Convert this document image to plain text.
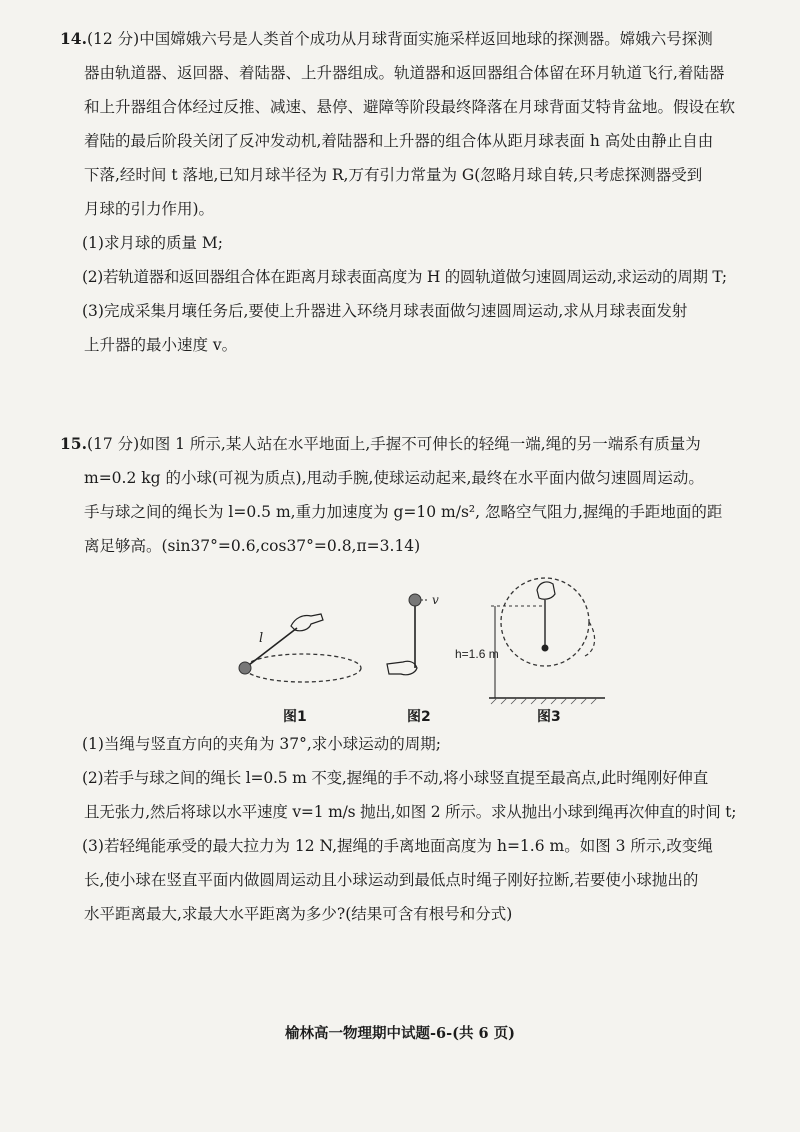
14.(12 分)中国嫦娥六号是人类首个成功从月球背面实施采样返回地球的探测器。嫦娥六号探测

器由轨道器、返回器、着陆器、上升器组成。轨道器和返回器组合体留在环月轨道飞行,着陆器

和上升器组合体经过反推、减速、悬停、避障等阶段最终降落在月球背面艾特肯盆地。假设在软

着陆的最后阶段关闭了反冲发动机,着陆器和上升器的组合体从距月球表面 h 高处由静止自由

下落,经时间 t 落地,已知月球半径为 R,万有引力常量为 G(忽略月球自转,只考虑探测器受到

月球的引力作用)。

(1)求月球的质量 M;

(2)若轨道器和返回器组合体在距离月球表面高度为 H 的圆轨道做匀速圆周运动,求运动的周期 T;

(3)完成采集月壤任务后,要使上升器进入环绕月球表面做匀速圆周运动,求从月球表面发射

上升器的最小速度 v。

15.(17 分)如图 1 所示,某人站在水平地面上,手握不可伸长的轻绳一端,绳的另一端系有质量为

m=0.2 kg 的小球(可视为质点),甩动手腕,使球运动起来,最终在水平面内做匀速圆周运动。

手与球之间的绳长为 l=0.5 m,重力加速度为 g=10 m/s², 忽略空气阻力,握绳的手距地面的距

离足够高。(sin37°=0.6,cos37°=0.8,π=3.14)

l
v
h=1.6 m
图1	图2	图3

(1)当绳与竖直方向的夹角为 37°,求小球运动的周期;

(2)若手与球之间的绳长 l=0.5 m 不变,握绳的手不动,将小球竖直提至最高点,此时绳刚好伸直

且无张力,然后将球以水平速度 v=1 m/s 抛出,如图 2 所示。求从抛出小球到绳再次伸直的时间 t;

(3)若轻绳能承受的最大拉力为 12 N,握绳的手离地面高度为 h=1.6 m。如图 3 所示,改变绳

长,使小球在竖直平面内做圆周运动且小球运动到最低点时绳子刚好拉断,若要使小球抛出的

水平距离最大,求最大水平距离为多少?(结果可含有根号和分式)

榆林高一物理期中试题-6-(共 6 页)
